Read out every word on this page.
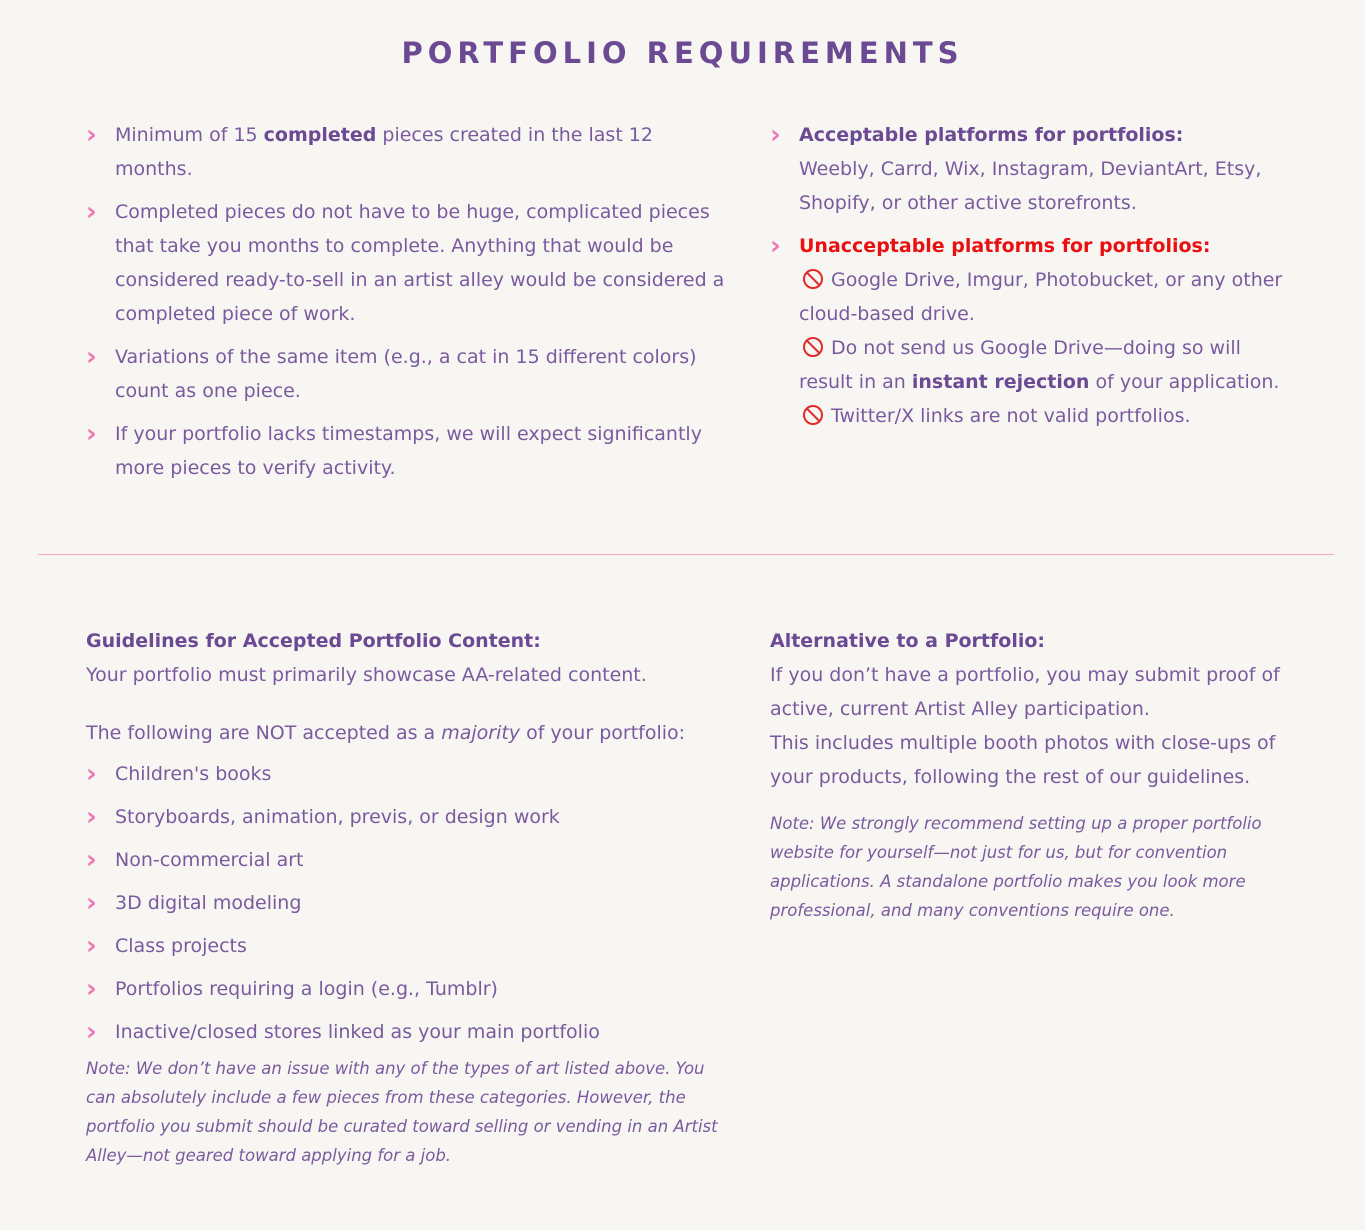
PORTFOLIO REQUIREMENTS
› Minimum of 15 completed pieces created in the last 12 months.
› Completed pieces do not have to be huge, complicated pieces that take you months to complete. Anything that would be considered ready-to-sell in an artist alley would be considered a completed piece of work.
› Variations of the same item (e.g., a cat in 15 different colors) count as one piece.
› If your portfolio lacks timestamps, we will expect significantly more pieces to verify activity.
› Acceptable platforms for portfolios:
Weebly, Carrd, Wix, Instagram, DeviantArt, Etsy, Shopify, or other active storefronts.
› Unacceptable platforms for portfolios:
Google Drive, Imgur, Photobucket, or any other cloud-based drive.
Do not send us Google Drive—doing so will result in an instant rejection of your application.
Twitter/X links are not valid portfolios.

Guidelines for Accepted Portfolio Content:

Your portfolio must primarily showcase AA-related content.

The following are NOT accepted as a majority of your portfolio:

› Children's books
› Storyboards, animation, previs, or design work
› Non-commercial art
› 3D digital modeling
› Class projects
› Portfolios requiring a login (e.g., Tumblr)
› Inactive/closed stores linked as your main portfolio

Note: We don’t have an issue with any of the types of art listed above. You can absolutely include a few pieces from these categories. However, the portfolio you submit should be curated toward selling or vending in an Artist Alley—not geared toward applying for a job.

Alternative to a Portfolio:

If you don’t have a portfolio, you may submit proof of active, current Artist Alley participation.

This includes multiple booth photos with close-ups of your products, following the rest of our guidelines.

Note: We strongly recommend setting up a proper portfolio website for yourself—not just for us, but for convention applications. A standalone portfolio makes you look more professional, and many conventions require one.
